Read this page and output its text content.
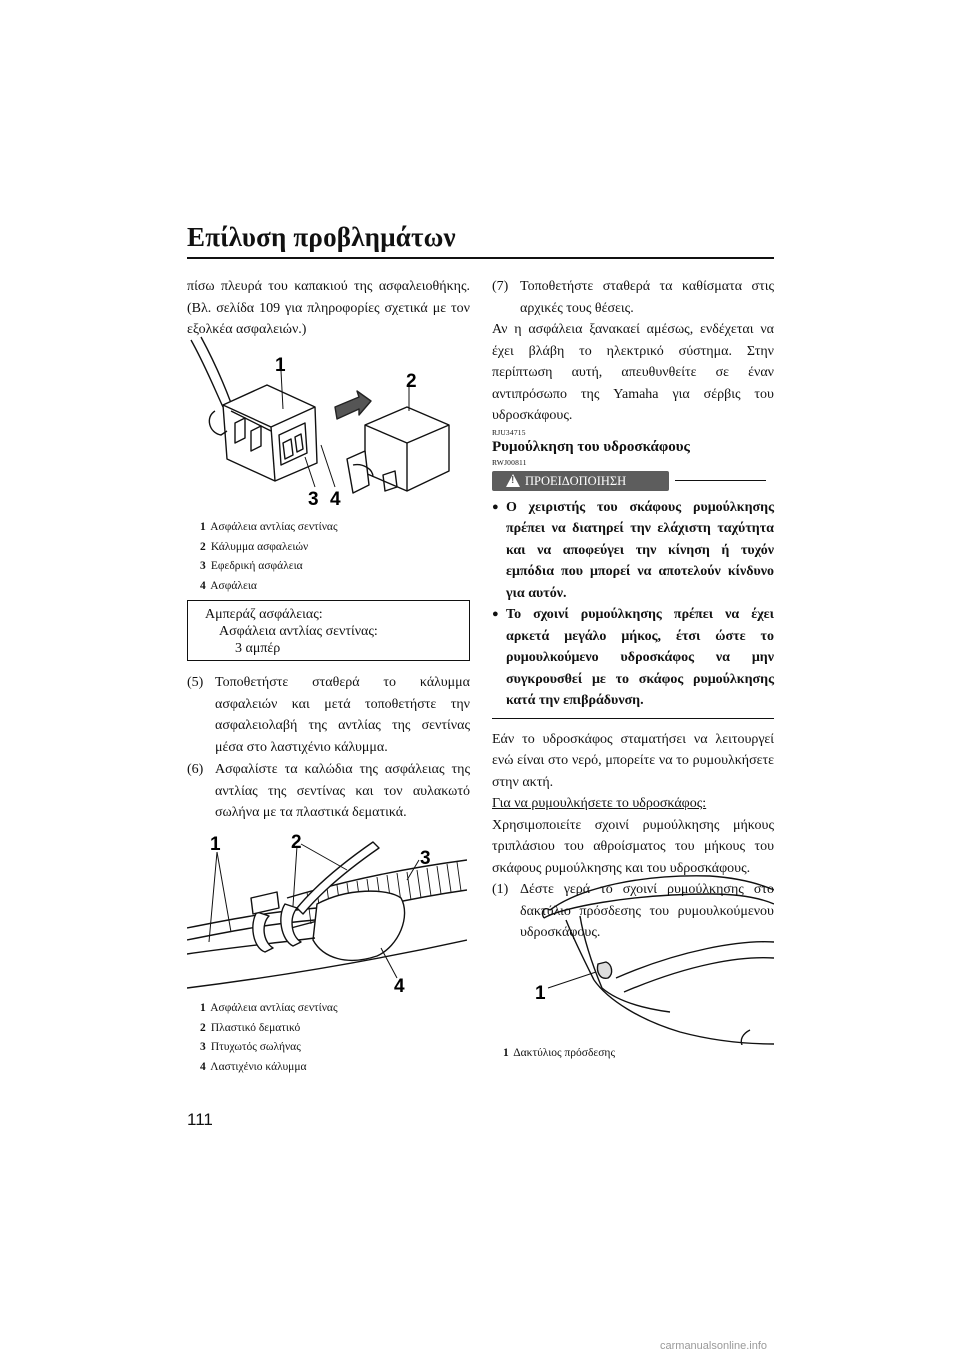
Επίλυση προβλημάτων

πίσω πλευρά του καπακιού της ασφαλειοθήκης. (Βλ. σελίδα 109 για πληροφορίες σχετικά με τον εξολκέα ασφαλειών.)

1
2
3 4
1 Ασφάλεια αντλίας σεντίνας
2 Κάλυμμα ασφαλειών
3 Εφεδρική ασφάλεια
4 Ασφάλεια
Αμπεράζ ασφάλειας:
Ασφάλεια αντλίας σεντίνας:
3 αμπέρ
(5) Τοποθετήστε σταθερά το κάλυμμα ασφαλειών και μετά τοποθετήστε την ασφαλειολαβή της αντλίας της σεντίνας μέσα στο λαστιχένιο κάλυμμα.
(6) Ασφαλίστε τα καλώδια της ασφάλειας της αντλίας της σεντίνας και τον αυλακωτό σωλήνα με τα πλαστικά δεματικά.
1	2
3
4
1 Ασφάλεια αντλίας σεντίνας
2 Πλαστικό δεματικό
3 Πτυχωτός σωλήνας
4 Λαστιχένιο κάλυμμα
(7) Τοποθετήστε σταθερά τα καθίσματα στις αρχικές τους θέσεις.

Αν η ασφάλεια ξανακαεί αμέσως, ενδέχεται να έχει βλάβη το ηλεκτρικό σύστημα. Στην περίπτωση αυτή, απευθυνθείτε σε έναν αντιπρόσωπο της Yamaha για σέρβις του υδροσκάφους.

RJU34715
Ρυμούλκηση του υδροσκάφους
RWJ00811
! ΠΡΟΕΙΔΟΠΟΙΗΣΗ
● Ο χειριστής του σκάφους ρυμούλκησης πρέπει να διατηρεί την ελάχιστη ταχύτητα και να αποφεύγει την κίνηση ή τυχόν εμπόδια που μπορεί να αποτελούν κίνδυνο για αυτόν.
● Το σχοινί ρυμούλκησης πρέπει να έχει αρκετά μεγάλο μήκος, έτσι ώστε το ρυμουλκούμενο υδροσκάφος να μην συγκρουσθεί με το σκάφος ρυμούλκησης κατά την επιβράδυνση.

Εάν το υδροσκάφος σταματήσει να λειτουργεί ενώ είναι στο νερό, μπορείτε να το ρυμουλκήσετε στην ακτή.

Για να ρυμουλκήσετε το υδροσκάφος:

Χρησιμοποιείτε σχοινί ρυμούλκησης μήκους τριπλάσιου του αθροίσματος του μήκους του σκάφους ρυμούλκησης και του υδροσκάφους.

(1) Δέστε γερά το σχοινί ρυμούλκησης στο δακτύλιο πρόσδεσης του ρυμουλκούμενου υδροσκάφους.
1
1 Δακτύλιος πρόσδεσης
111
carmanualsonline.info
